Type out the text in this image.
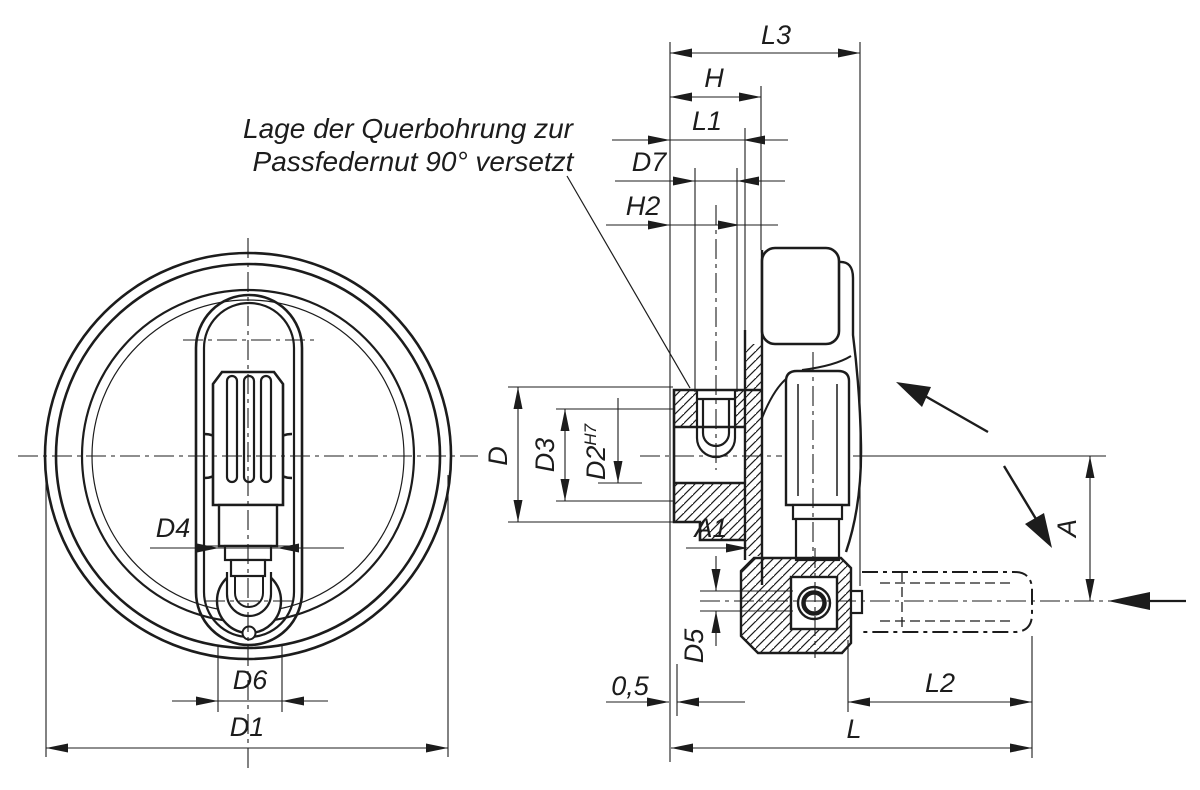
Lage der Querbohrung zur
Passfedernut 90° versetzt
L3
H
L1
D7
H2
D D3 $D2^{H7}$
A1
D5
0,5	L2
L
A
D4
D6
D1
